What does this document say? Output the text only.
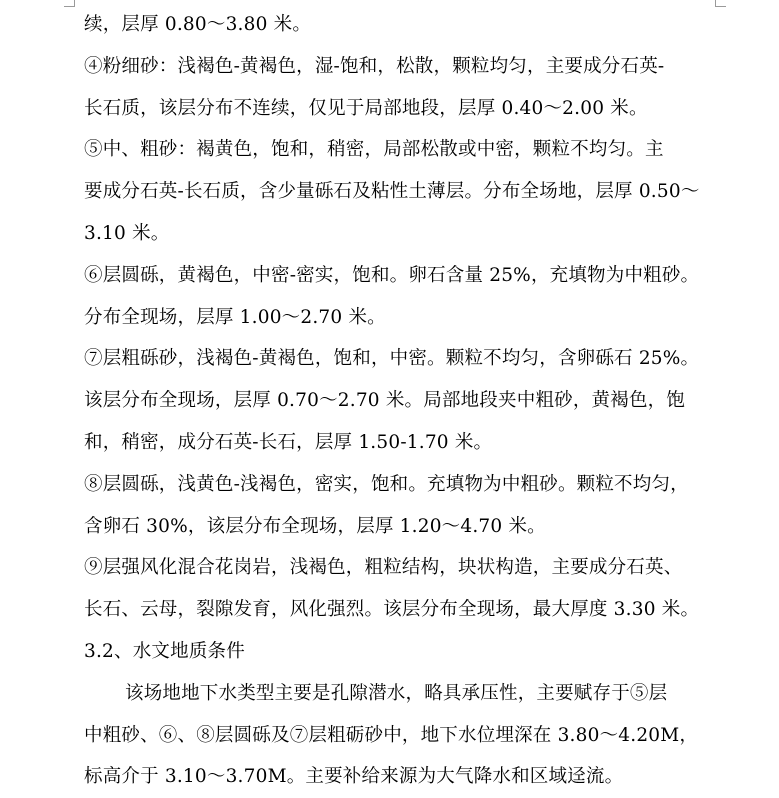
续，层厚 0.80～3.80 米。

④粉细砂：浅褐色-黄褐色，湿-饱和，松散，颗粒均匀，主要成分石英-

长石质，该层分布不连续，仅见于局部地段，层厚 0.40～2.00 米。

⑤中、粗砂：褐黄色，饱和，稍密，局部松散或中密，颗粒不均匀。主

要成分石英-长石质，含少量砾石及粘性土薄层。分布全场地，层厚 0.50～

3.10 米。

⑥层圆砾，黄褐色，中密-密实，饱和。卵石含量 25%，充填物为中粗砂。

分布全现场，层厚 1.00～2.70 米。

⑦层粗砾砂，浅褐色-黄褐色，饱和，中密。颗粒不均匀，含卵砾石 25%。

该层分布全现场，层厚 0.70～2.70 米。局部地段夹中粗砂，黄褐色，饱

和，稍密，成分石英-长石，层厚 1.50-1.70 米。

⑧层圆砾，浅黄色-浅褐色，密实，饱和。充填物为中粗砂。颗粒不均匀，

含卵石 30%，该层分布全现场，层厚 1.20～4.70 米。

⑨层强风化混合花岗岩，浅褐色，粗粒结构，块状构造，主要成分石英、

长石、云母，裂隙发育，风化强烈。该层分布全现场，最大厚度 3.30 米。

3.2、水文地质条件

该场地地下水类型主要是孔隙潜水，略具承压性，主要赋存于⑤层

中粗砂、⑥、⑧层圆砾及⑦层粗砺砂中，地下水位埋深在 3.80～4.20M，

标高介于 3.10～3.70M。主要补给来源为大气降水和区域迳流。
